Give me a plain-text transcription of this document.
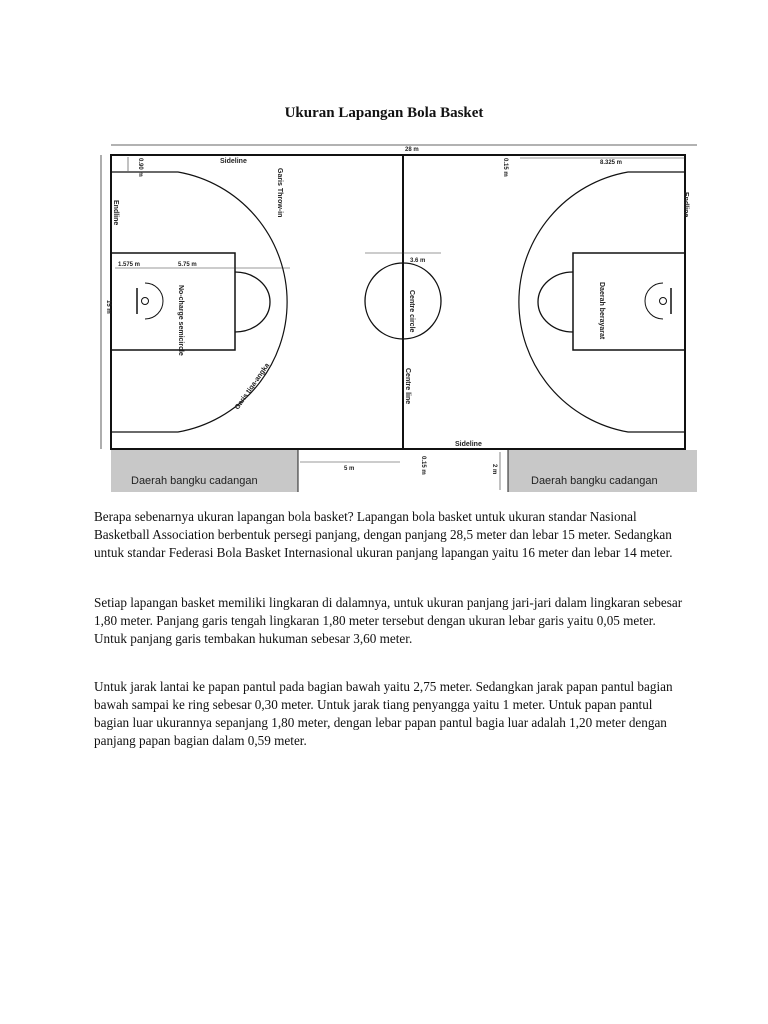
Ukuran Lapangan Bola Basket
28 m
15 m
Sideline
Garis Throw-in
Endline	Endline
0.90 m
1.575 m	5.75 m
No-charge semicircle
Garis tiga-angka
3.6 m
Centre circle
Centre line
0.15 m	8.325 m
Daerah berayarat
Sideline
5 m	0.15 m	2 m
Daerah bangku cadangan	Daerah bangku cadangan

Berapa sebenarnya ukuran lapangan bola basket? Lapangan bola basket untuk ukuran standar Nasional Basketball Association berbentuk persegi panjang, dengan panjang 28,5 meter dan lebar 15 meter. Sedangkan untuk standar Federasi Bola Basket Internasional ukuran panjang lapangan yaitu 16 meter dan lebar 14 meter.

Setiap lapangan basket memiliki lingkaran di dalamnya, untuk ukuran panjang jari-jari dalam lingkaran sebesar 1,80 meter. Panjang garis tengah lingkaran 1,80 meter tersebut dengan ukuran lebar garis yaitu 0,05 meter. Untuk panjang garis tembakan hukuman sebesar 3,60 meter.

Untuk jarak lantai ke papan pantul pada bagian bawah yaitu 2,75 meter. Sedangkan jarak papan pantul bagian bawah sampai ke ring sebesar 0,30 meter. Untuk jarak tiang penyangga yaitu 1 meter. Untuk papan pantul bagian luar ukurannya sepanjang 1,80 meter, dengan lebar papan pantul bagia luar adalah 1,20 meter dengan panjang papan bagian dalam 0,59 meter.
